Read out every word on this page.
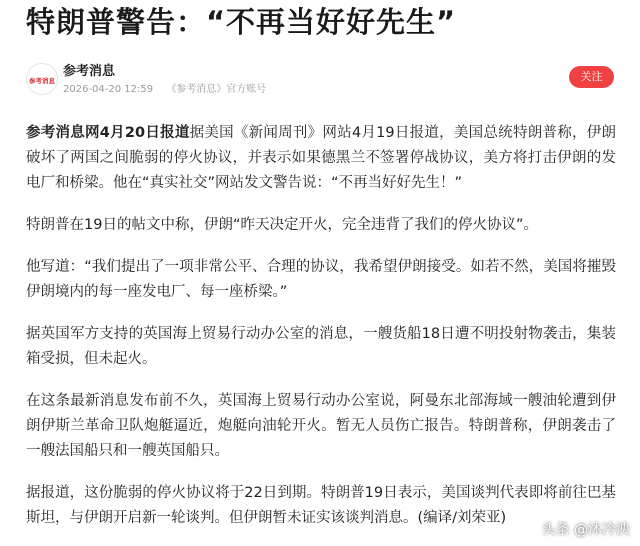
特朗普警告：“不再当好好先生”
参考消息
参考消息
2026-04-20 12:59 《参考消息》官方账号
关注

参考消息网4月20日报道据美国《新闻周刊》网站4月19日报道，美国总统特朗普称，伊朗破坏了两国之间脆弱的停火协议，并表示如果德黑兰不签署停战协议，美方将打击伊朗的发电厂和桥梁。他在“真实社交”网站发文警告说：“不再当好好先生！”

特朗普在19日的帖文中称，伊朗“昨天决定开火，完全违背了我们的停火协议”。

他写道：“我们提出了一项非常公平、合理的协议，我希望伊朗接受。如若不然，美国将摧毁伊朗境内的每一座发电厂、每一座桥梁。”

据英国军方支持的英国海上贸易行动办公室的消息，一艘货船18日遭不明投射物袭击，集装箱受损，但未起火。

在这条最新消息发布前不久，英国海上贸易行动办公室说，阿曼东北部海域一艘油轮遭到伊朗伊斯兰革命卫队炮艇逼近，炮艇向油轮开火。暂无人员伤亡报告。特朗普称，伊朗袭击了一艘法国船只和一艘英国船只。

据报道，这份脆弱的停火协议将于22日到期。特朗普19日表示，美国谈判代表即将前往巴基斯坦，与伊朗开启新一轮谈判。但伊朗暂未证实该谈判消息。(编译/刘荣亚)

头条 @沐冷泱
